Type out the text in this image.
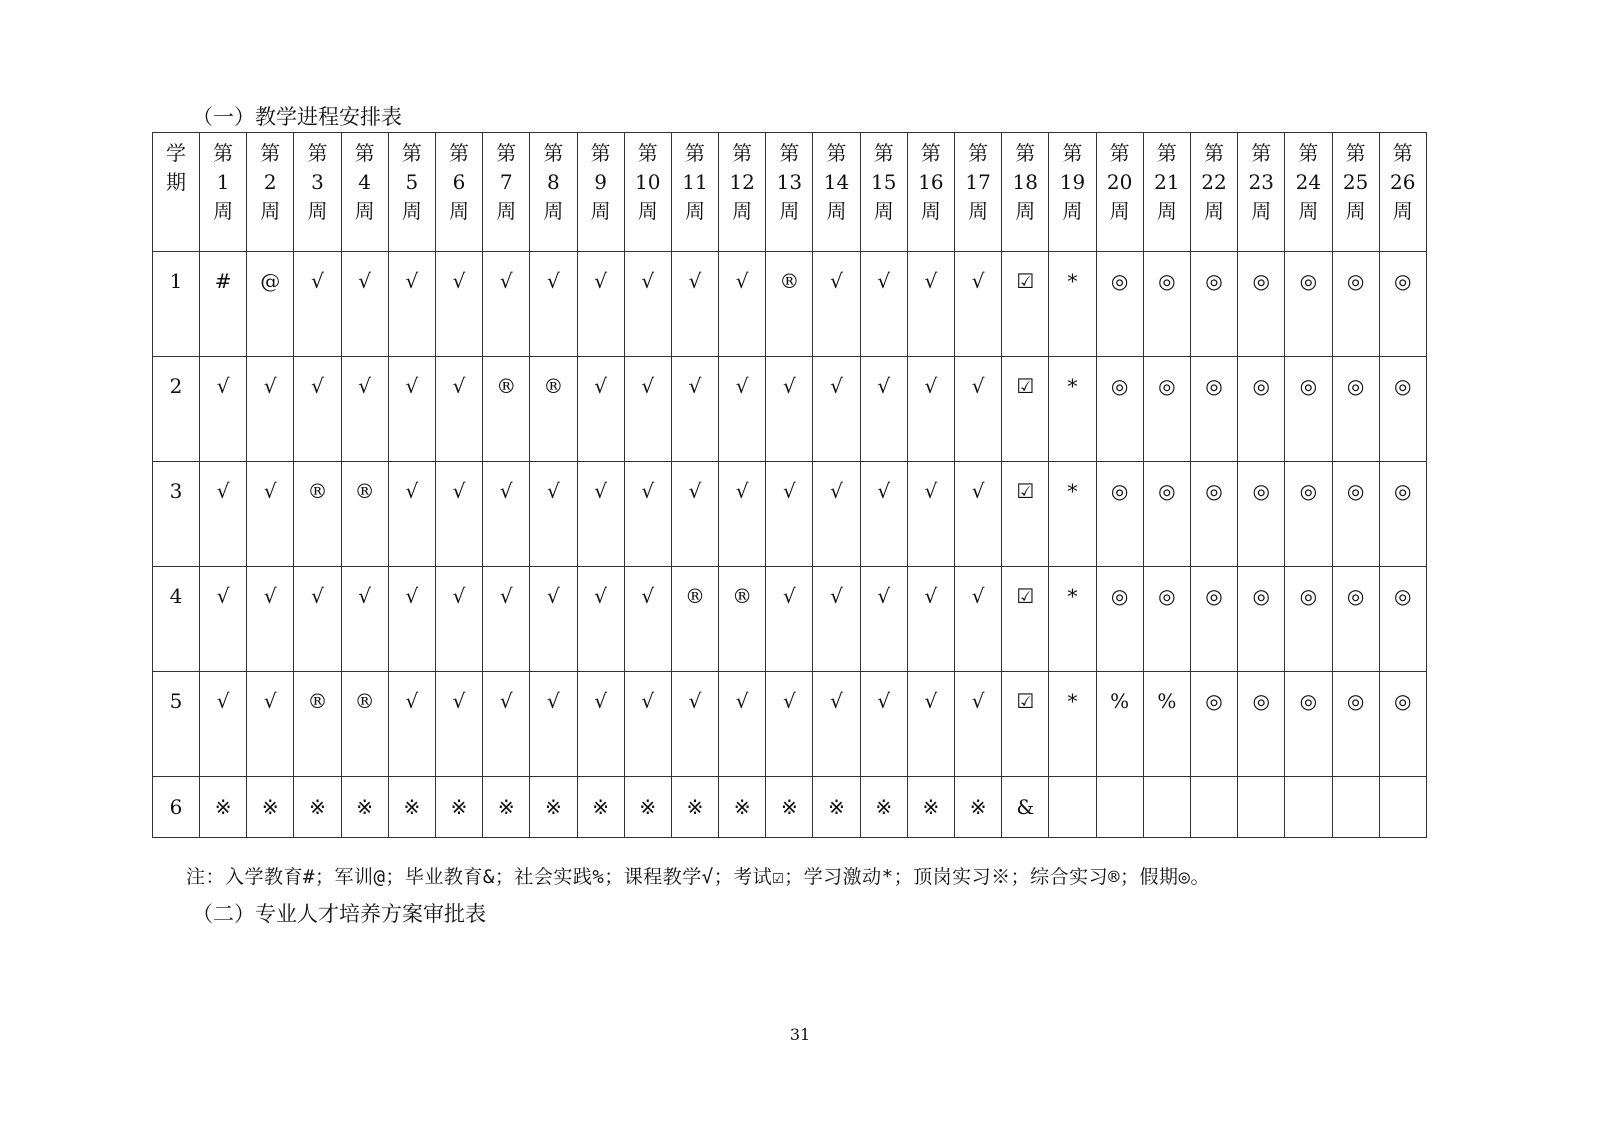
（一）教学进程安排表
学
期	第
1
周	第
2
周	第
3
周	第
4
周	第
5
周	第
6
周	第
7
周	第
8
周	第
9
周	第
10
周	第
11
周	第
12
周	第
13
周	第
14
周	第
15
周	第
16
周	第
17
周	第
18
周	第
19
周	第
20
周	第
21
周	第
22
周	第
23
周	第
24
周	第
25
周	第
26
周

1	#	@	√	√	√	√	√	√	√	√	√	√	®	√	√	√	√	☑	*	◎	◎	◎	◎	◎	◎	◎

2	√	√	√	√	√	√	®	®	√	√	√	√	√	√	√	√	√	☑	*	◎	◎	◎	◎	◎	◎	◎

3	√	√	®	®	√	√	√	√	√	√	√	√	√	√	√	√	√	☑	*	◎	◎	◎	◎	◎	◎	◎

4	√	√	√	√	√	√	√	√	√	√	®	®	√	√	√	√	√	☑	*	◎	◎	◎	◎	◎	◎	◎

5	√	√	®	®	√	√	√	√	√	√	√	√	√	√	√	√	√	☑	*	%	%	◎	◎	◎	◎	◎

6	※	※	※	※	※	※	※	※	※	※	※	※	※	※	※	※	※	&								

注：入学教育#；军训@；毕业教育&；社会实践%；课程教学√；考试☑；学习激动*；顶岗实习※；综合实习®；假期◎。
（二）专业人才培养方案审批表
31
